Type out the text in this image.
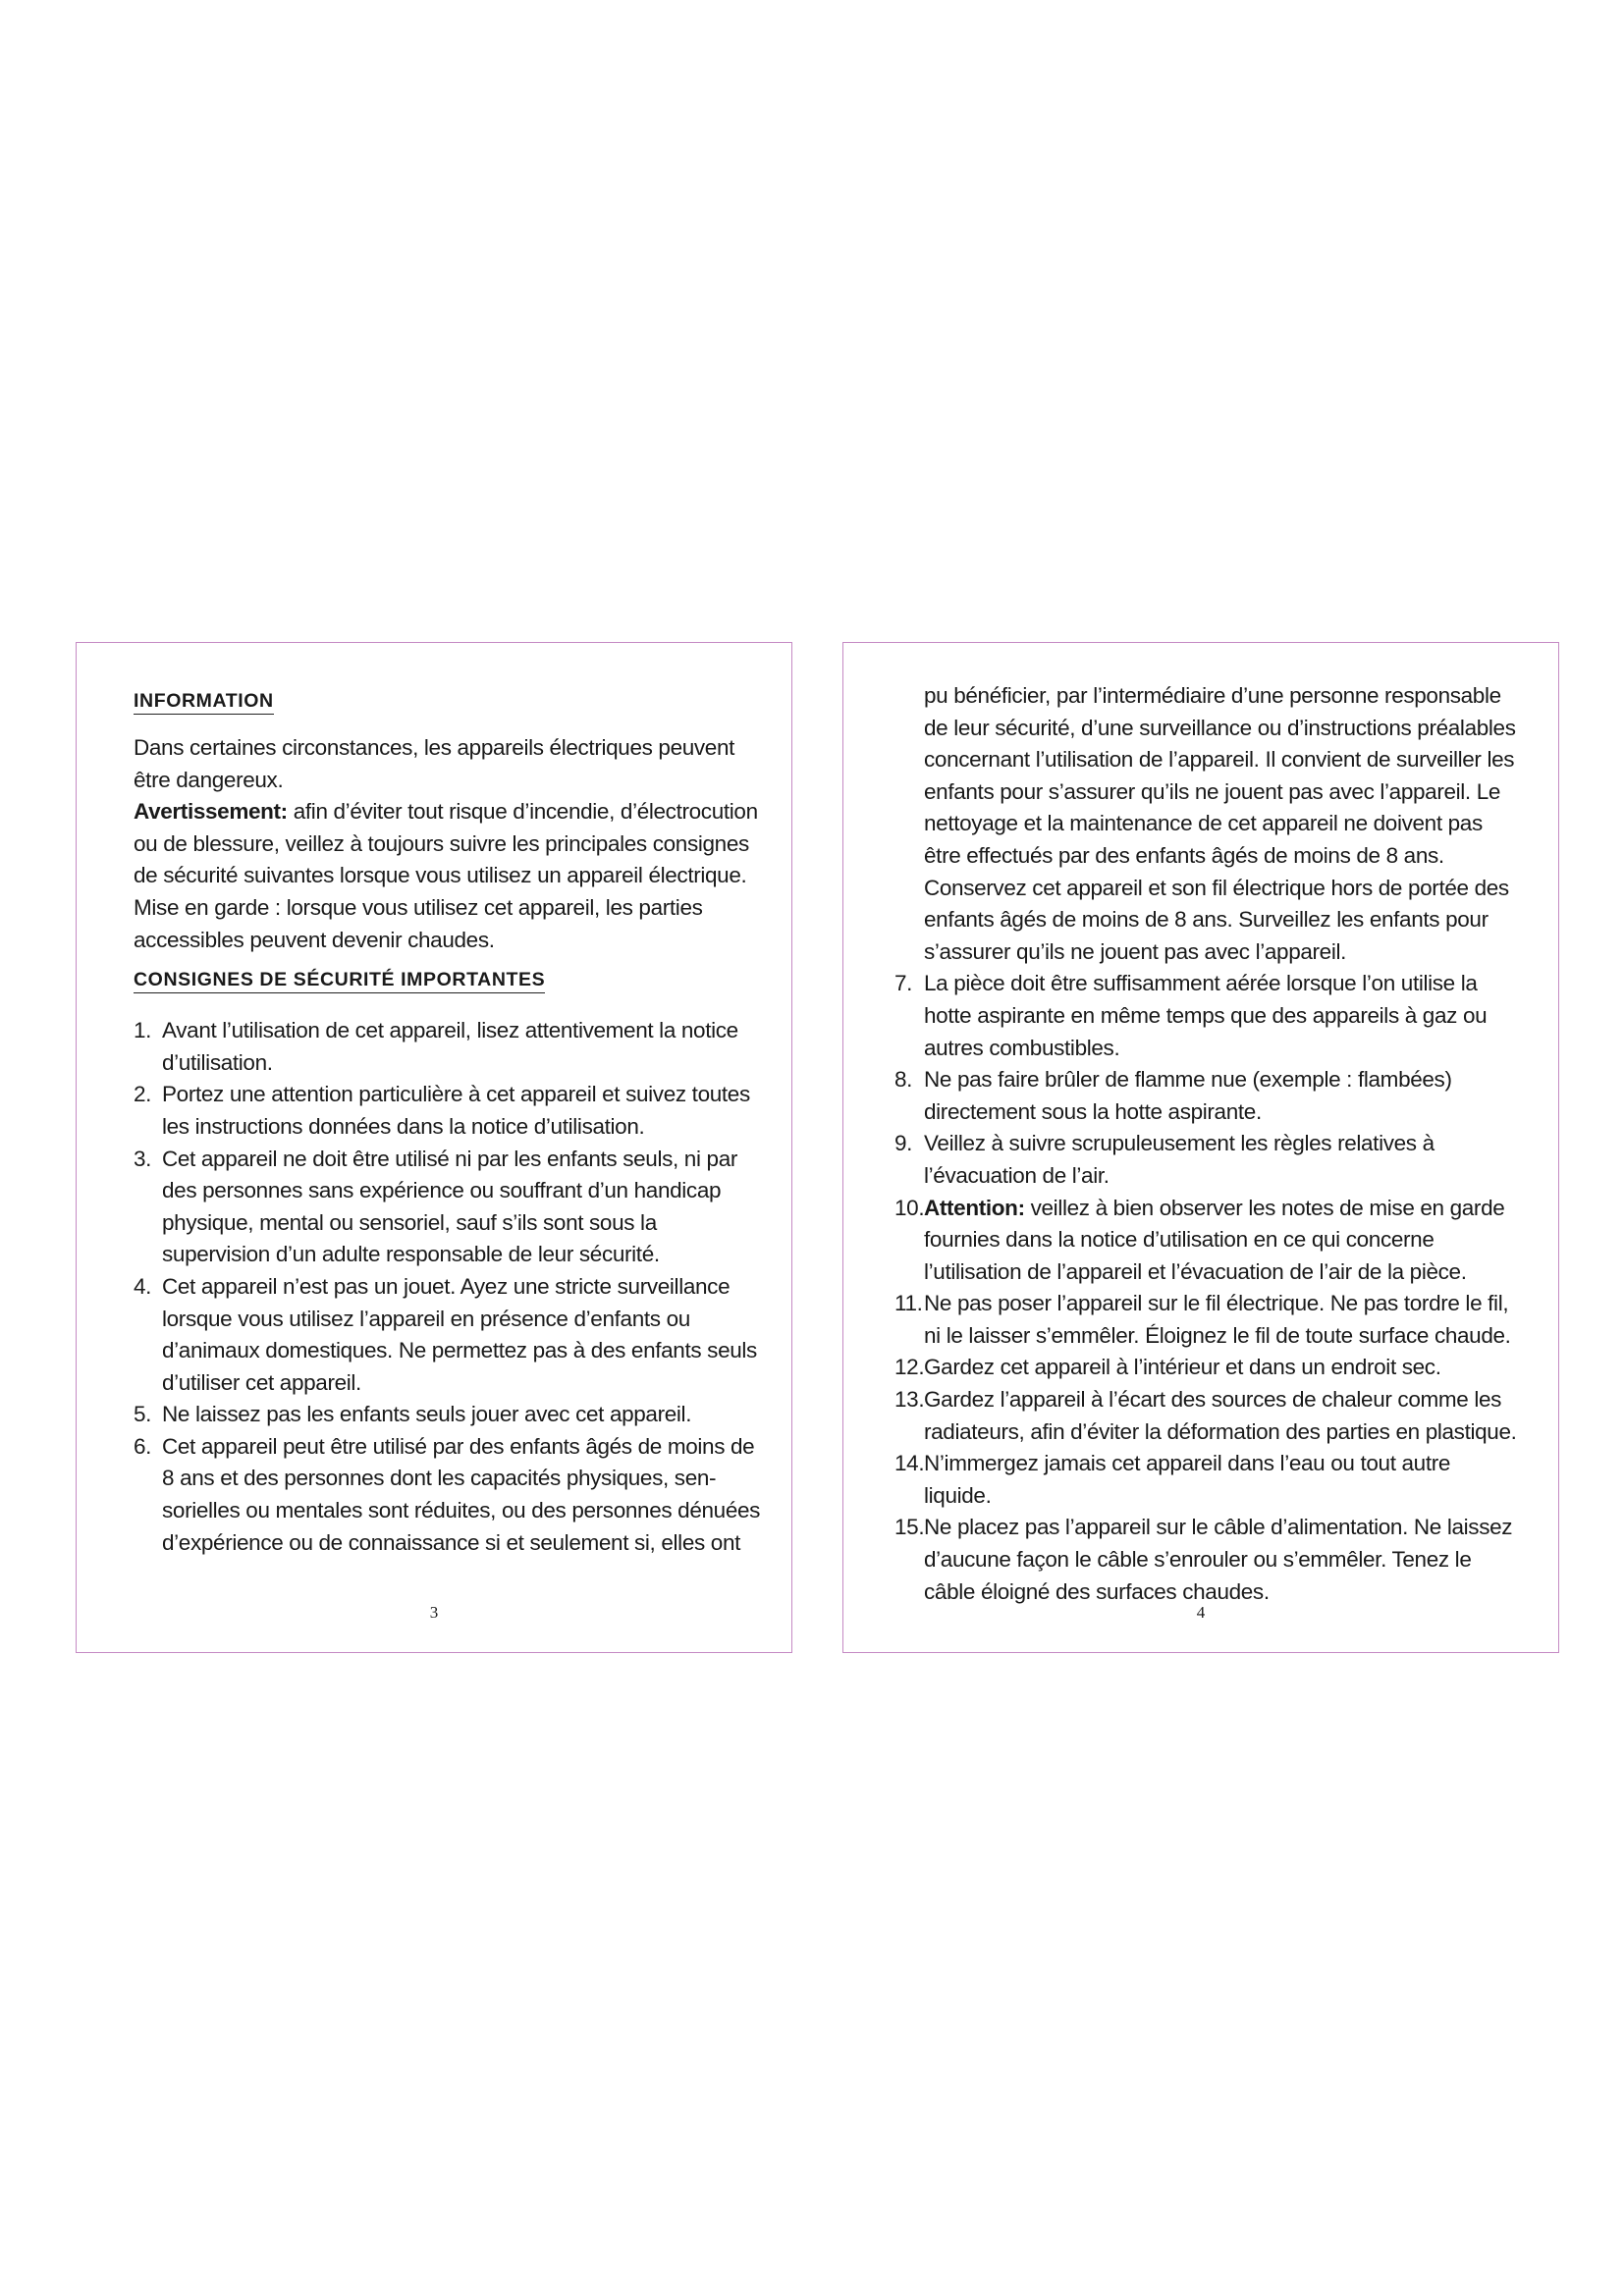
INFORMATION

Dans certaines circonstances, les appareils électriques peuvent être dangereux.

Avertissement: afin d’éviter tout risque d’incendie, d’électrocution ou de blessure, veillez à toujours suivre les principales consignes de sécurité suivantes lorsque vous utilisez un appareil électrique.

Mise en garde : lorsque vous utilisez cet appareil, les parties accessibles peuvent devenir chaudes.

CONSIGNES DE SÉCURITÉ IMPORTANTES
1. Avant l’utilisation de cet appareil, lisez attentivement la notice d’utilisation.
2. Portez une attention particulière à cet appareil et suivez toutes les instructions données dans la notice d’utilisation.
3. Cet appareil ne doit être utilisé ni par les enfants seuls, ni par des personnes sans expérience ou souffrant d’un handicap physique, mental ou sensoriel, sauf s’ils sont sous la supervision d’un adulte responsable de leur sécurité.
4. Cet appareil n’est pas un jouet. Ayez une stricte surveillance lorsque vous utilisez l’appareil en présence d’enfants ou d’animaux domestiques. Ne permettez pas à des enfants seuls d’utiliser cet appareil.
5. Ne laissez pas les enfants seuls jouer avec cet appareil.
6. Cet appareil peut être utilisé par des enfants âgés de moins de 8 ans et des personnes dont les capacités physiques, sen-sorielles ou mentales sont réduites, ou des personnes dénuées d’expérience ou de connaissance si et seulement si, elles ont
3

pu bénéficier, par l’intermédiaire d’une personne responsable de leur sécurité, d’une surveillance ou d’instructions préalables concernant l’utilisation de l’appareil. Il convient de surveiller les enfants pour s’assurer qu’ils ne jouent pas avec l’appareil. Le nettoyage et la maintenance de cet appareil ne doivent pas être effectués par des enfants âgés de moins de 8 ans. Conservez cet appareil et son fil électrique hors de portée des enfants âgés de moins de 8 ans. Surveillez les enfants pour s’assurer qu’ils ne jouent pas avec l’appareil.

7. La pièce doit être suffisamment aérée lorsque l’on utilise la hotte aspirante en même temps que des appareils à gaz ou autres combustibles.
8. Ne pas faire brûler de flamme nue (exemple : flambées) directement sous la hotte aspirante.
9. Veillez à suivre scrupuleusement les règles relatives à l’évacuation de l’air.
10. Attention: veillez à bien observer les notes de mise en garde fournies dans la notice d’utilisation en ce qui concerne l’utilisation de l’appareil et l’évacuation de l’air de la pièce.
11. Ne pas poser l’appareil sur le fil électrique. Ne pas tordre le fil, ni le laisser s’emmêler. Éloignez le fil de toute surface chaude.
12. Gardez cet appareil à l’intérieur et dans un endroit sec.
13. Gardez l’appareil à l’écart des sources de chaleur comme les radiateurs, afin d’éviter la déformation des parties en plastique.
14. N’immergez jamais cet appareil dans l’eau ou tout autre liquide.
15. Ne placez pas l’appareil sur le câble d’alimentation. Ne laissez d’aucune façon le câble s’enrouler ou s’emmêler. Tenez le câble éloigné des surfaces chaudes.
4
